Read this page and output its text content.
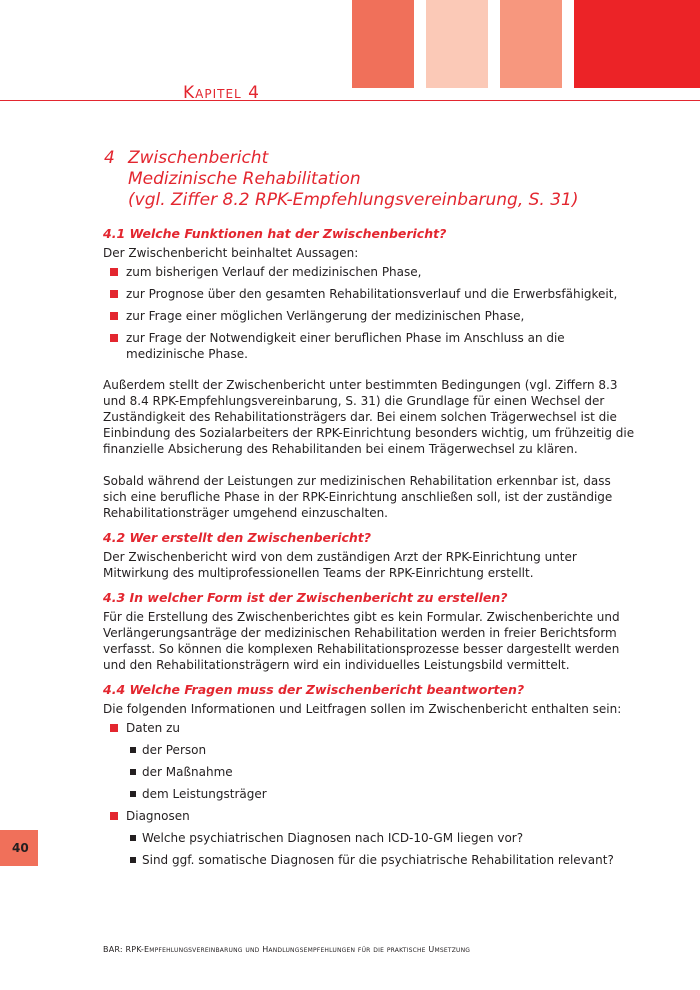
Kapitel 4
4 Zwischenbericht
Medizinische Rehabilitation
(vgl. Ziffer 8.2 RPK-Empfehlungsvereinbarung, S. 31)
4.1 Welche Funktionen hat der Zwischenbericht?

Der Zwischenbericht beinhaltet Aussagen:

zum bisherigen Verlauf der medizinischen Phase,
zur Prognose über den gesamten Rehabilitationsverlauf und die Erwerbsfähigkeit,
zur Frage einer möglichen Verlängerung der medizinischen Phase,
zur Frage der Notwendigkeit einer beruflichen Phase im Anschluss an die medizinische Phase.

Außerdem stellt der Zwischenbericht unter bestimmten Bedingungen (vgl. Ziffern 8.3 und 8.4 RPK-Empfehlungsvereinbarung, S. 31) die Grundlage für einen Wechsel der Zuständigkeit des Rehabilitationsträgers dar. Bei einem solchen Trägerwechsel ist die Einbindung des Sozialarbeiters der RPK-Einrichtung besonders wichtig, um frühzeitig die finanzielle Absicherung des Rehabilitanden bei einem Trägerwechsel zu klären.

Sobald während der Leistungen zur medizinischen Rehabilitation erkennbar ist, dass sich eine berufliche Phase in der RPK-Einrichtung anschließen soll, ist der zuständige Rehabilitationsträger umgehend einzuschalten.

4.2 Wer erstellt den Zwischenbericht?

Der Zwischenbericht wird von dem zuständigen Arzt der RPK-Einrichtung unter Mitwirkung des multiprofessionellen Teams der RPK-Einrichtung erstellt.

4.3 In welcher Form ist der Zwischenbericht zu erstellen?

Für die Erstellung des Zwischenberichtes gibt es kein Formular. Zwischenberichte und Verlängerungsanträge der medizinischen Rehabilitation werden in freier Berichtsform verfasst. So können die komplexen Rehabilitationsprozesse besser dargestellt werden und den Rehabilitationsträgern wird ein individuelles Leistungsbild vermittelt.

4.4 Welche Fragen muss der Zwischenbericht beantworten?

Die folgenden Informationen und Leitfragen sollen im Zwischenbericht enthalten sein:

Daten zu
der Person
der Maßnahme
dem Leistungsträger
Diagnosen
Welche psychiatrischen Diagnosen nach ICD-10-GM liegen vor?
Sind ggf. somatische Diagnosen für die psychiatrische Rehabilitation relevant?
40
BAR: RPK-Empfehlungsvereinbarung und Handlungsempfehlungen für die praktische Umsetzung
